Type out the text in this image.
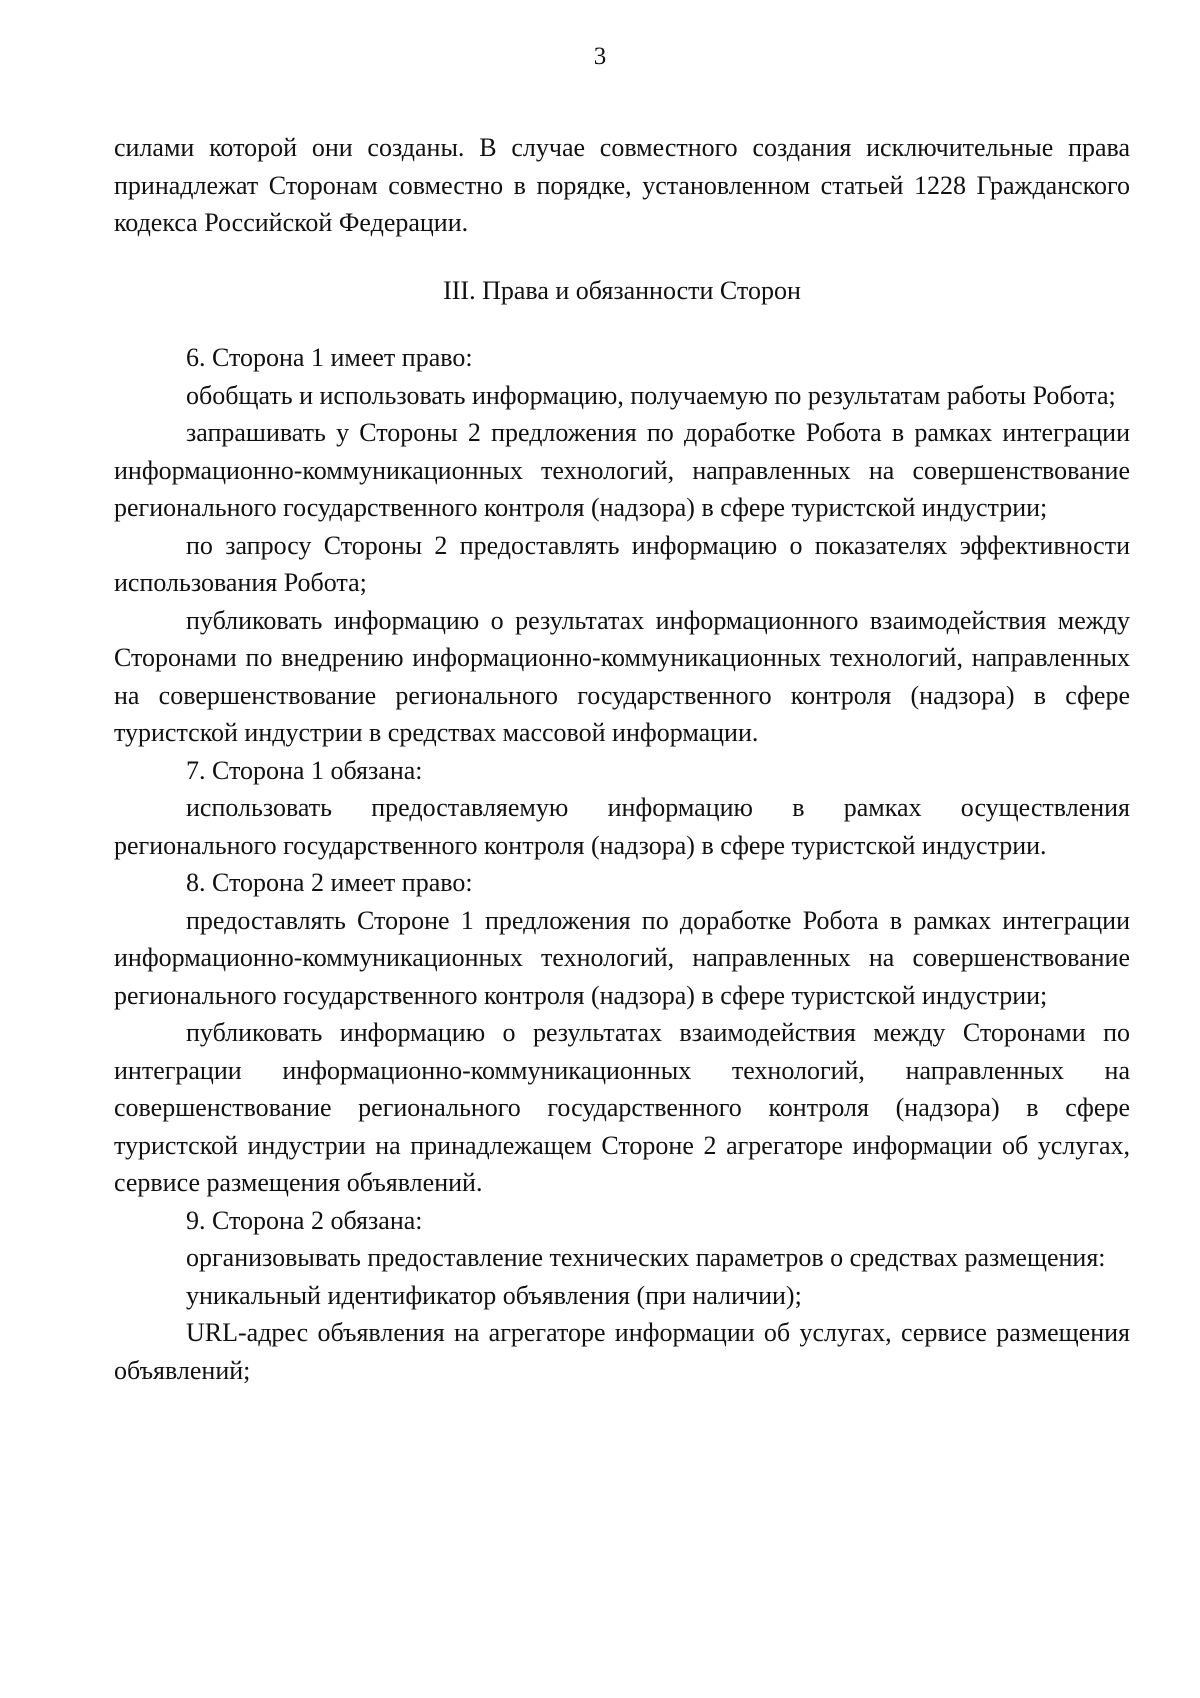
3

силами которой они созданы. В случае совместного создания исключительные права принадлежат Сторонам совместно в порядке, установленном статьей 1228 Гражданского кодекса Российской Федерации.

III. Права и обязанности Сторон

6. Сторона 1 имеет право:

обобщать и использовать информацию, получаемую по результатам работы Робота;

запрашивать у Стороны 2 предложения по доработке Робота в рамках интеграции информационно-коммуникационных технологий, направленных на совершенствование регионального государственного контроля (надзора) в сфере туристской индустрии;

по запросу Стороны 2 предоставлять информацию о показателях эффективности использования Робота;

публиковать информацию о результатах информационного взаимодействия между Сторонами по внедрению информационно-коммуникационных технологий, направленных на совершенствование регионального государственного контроля (надзора) в сфере туристской индустрии в средствах массовой информации.

7. Сторона 1 обязана:

использовать предоставляемую информацию в рамках осуществления регионального государственного контроля (надзора) в сфере туристской индустрии.

8. Сторона 2 имеет право:

предоставлять Стороне 1 предложения по доработке Робота в рамках интеграции информационно-коммуникационных технологий, направленных на совершенствование регионального государственного контроля (надзора) в сфере туристской индустрии;

публиковать информацию о результатах взаимодействия между Сторонами по интеграции информационно-коммуникационных технологий, направленных на совершенствование регионального государственного контроля (надзора) в сфере туристской индустрии на принадлежащем Стороне 2 агрегаторе информации об услугах, сервисе размещения объявлений.

9. Сторона 2 обязана:

организовывать предоставление технических параметров о средствах размещения:

уникальный идентификатор объявления (при наличии);

URL-адрес объявления на агрегаторе информации об услугах, сервисе размещения объявлений;
